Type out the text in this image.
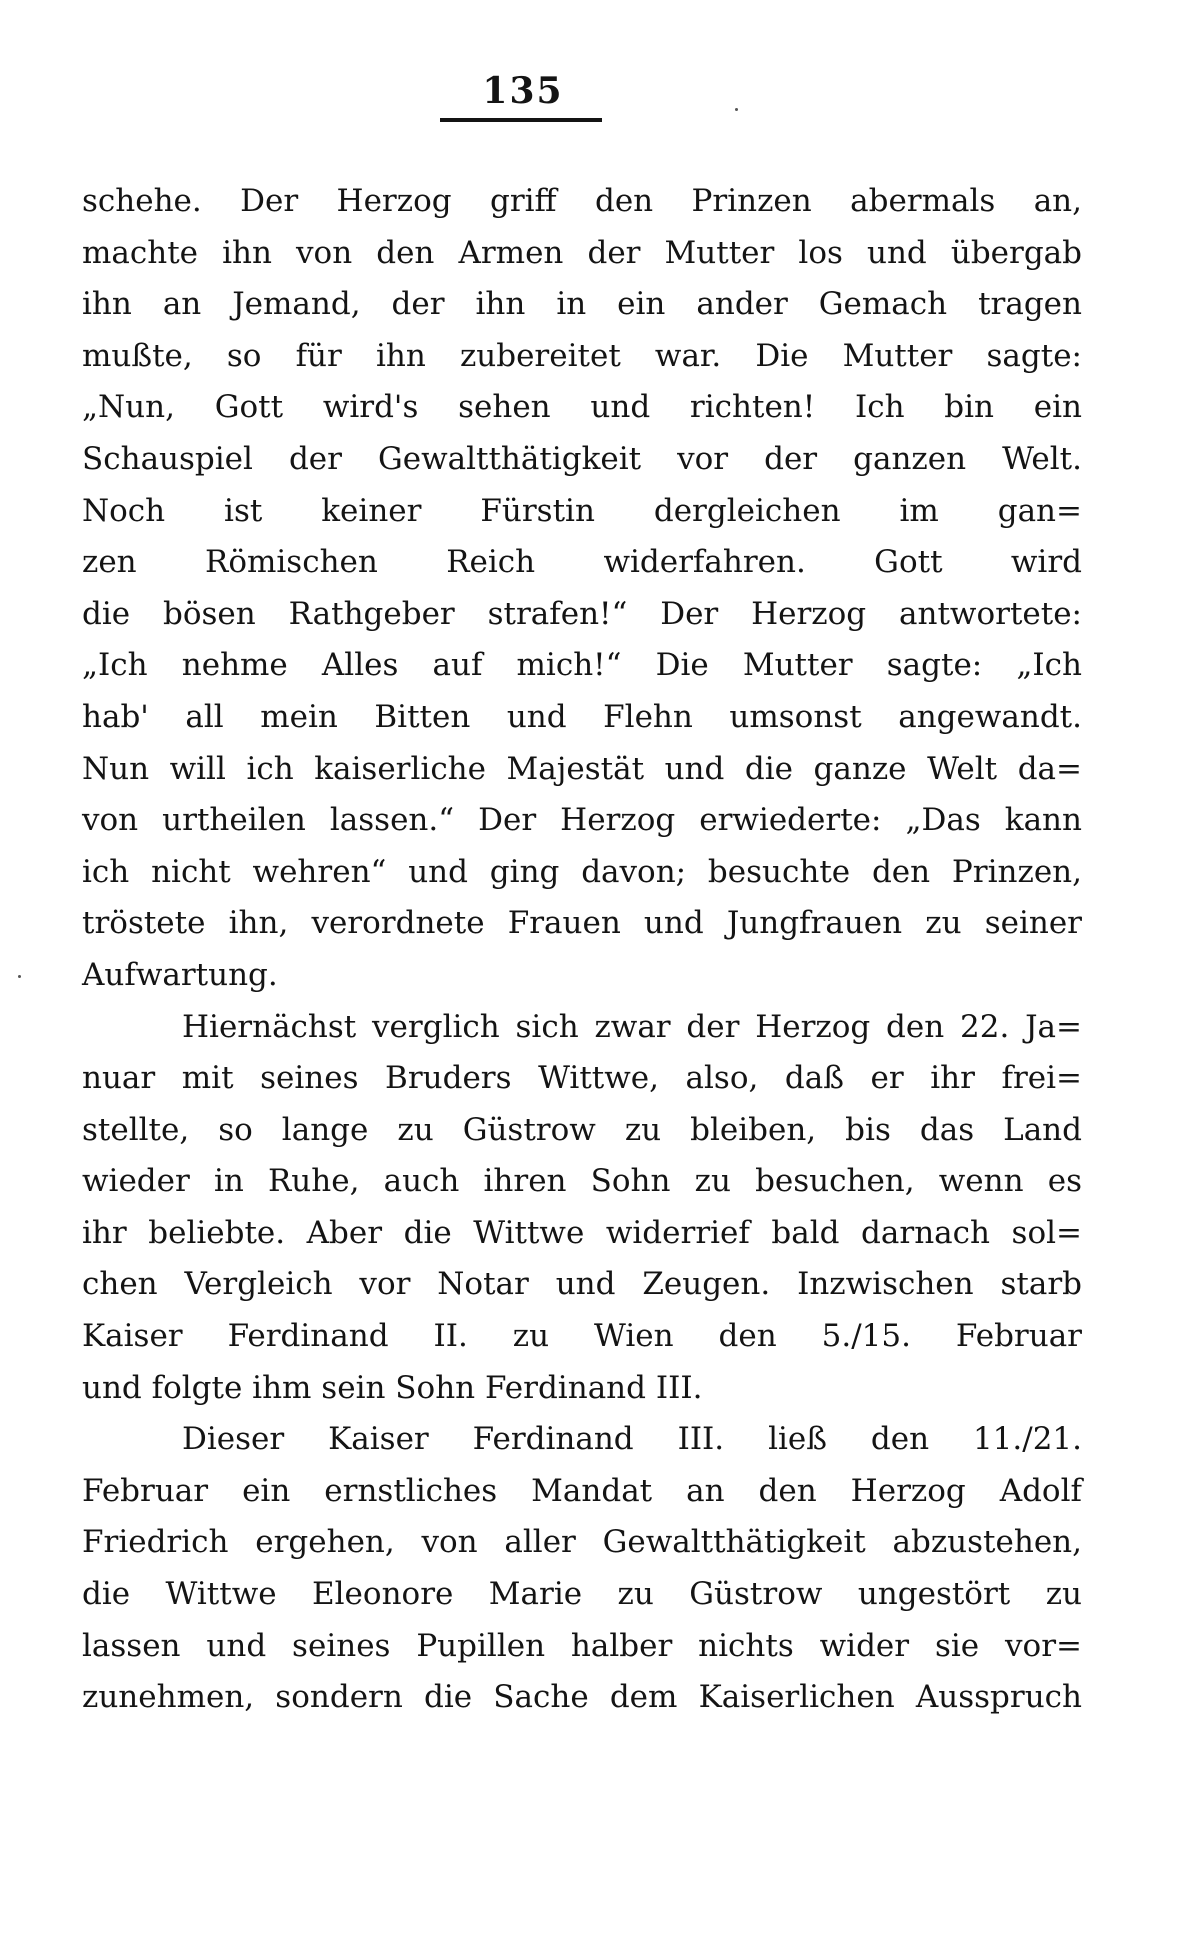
135

schehe. Der Herzog griff den Prinzen abermals an,
machte ihn von den Armen der Mutter los und übergab
ihn an Jemand, der ihn in ein ander Gemach tragen
mußte, so für ihn zubereitet war. Die Mutter sagte:
„Nun, Gott wird's sehen und richten! Ich bin ein
Schauspiel der Gewaltthätigkeit vor der ganzen Welt.
Noch ist keiner Fürstin dergleichen im gan=
zen Römischen Reich widerfahren. Gott wird
die bösen Rathgeber strafen!“ Der Herzog antwortete:
„Ich nehme Alles auf mich!“ Die Mutter sagte: „Ich
hab' all mein Bitten und Flehn umsonst angewandt.
Nun will ich kaiserliche Majestät und die ganze Welt da=
von urtheilen lassen.“ Der Herzog erwiederte: „Das kann
ich nicht wehren“ und ging davon; besuchte den Prinzen,
tröstete ihn, verordnete Frauen und Jungfrauen zu seiner
Aufwartung.

Hiernächst verglich sich zwar der Herzog den 22. Ja=
nuar mit seines Bruders Wittwe, also, daß er ihr frei=
stellte, so lange zu Güstrow zu bleiben, bis das Land
wieder in Ruhe, auch ihren Sohn zu besuchen, wenn es
ihr beliebte. Aber die Wittwe widerrief bald darnach sol=
chen Vergleich vor Notar und Zeugen. Inzwischen starb
Kaiser Ferdinand II. zu Wien den 5./15. Februar
und folgte ihm sein Sohn Ferdinand III.

Dieser Kaiser Ferdinand III. ließ den 11./21.
Februar ein ernstliches Mandat an den Herzog Adolf
Friedrich ergehen, von aller Gewaltthätigkeit abzustehen,
die Wittwe Eleonore Marie zu Güstrow ungestört zu
lassen und seines Pupillen halber nichts wider sie vor=
zunehmen, sondern die Sache dem Kaiserlichen Ausspruch
